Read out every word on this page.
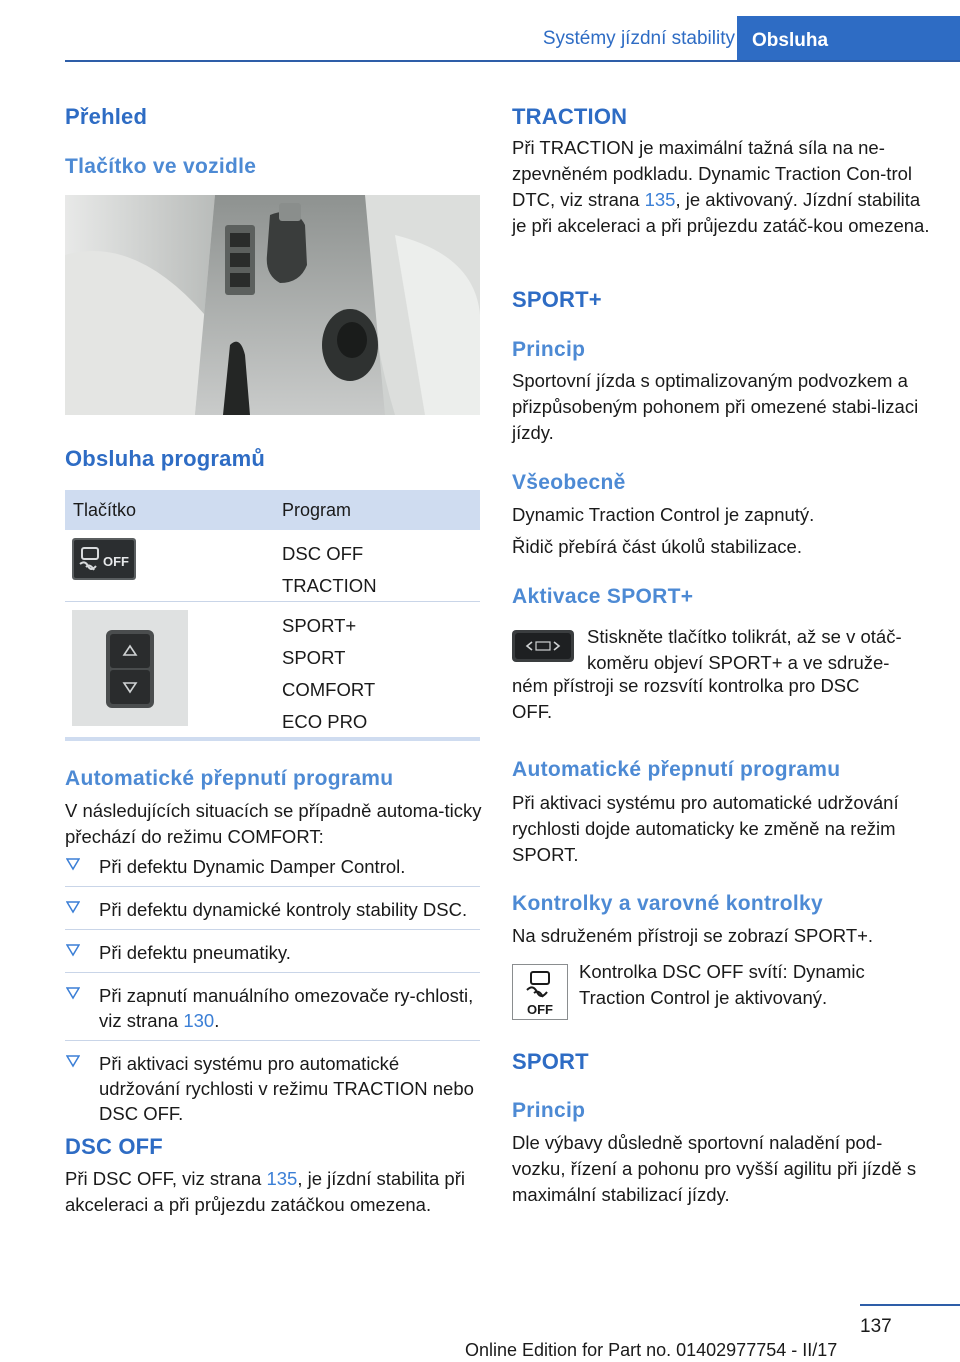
Systémy jízdní stability Obsluha
Přehled
Tlačítko ve vozidle
Obsluha programů
Tlačítko	Program
OFF	DSC OFF
TRACTION
SPORT+
SPORT
COMFORT
ECO PRO
Automatické přepnutí programu

V následujících situacích se případně automa-ticky přechází do režimu COMFORT:

Při defektu Dynamic Damper Control.
Při defektu dynamické kontroly stability DSC.
Při defektu pneumatiky.
Při zapnutí manuálního omezovače ry-chlosti, viz strana 130.
Při aktivaci systému pro automatické udržování rychlosti v režimu TRACTION nebo DSC OFF.
DSC OFF

Při DSC OFF, viz strana 135, je jízdní stabilita při akceleraci a při průjezdu zatáčkou omezena.

TRACTION

Při TRACTION je maximální tažná síla na ne-zpevněném podkladu. Dynamic Traction Con-trol DTC, viz strana 135, je aktivovaný. Jízdní stabilita je při akceleraci a při průjezdu zatáč-kou omezena.

SPORT+
Princip

Sportovní jízda s optimalizovaným podvozkem a přizpůsobeným pohonem při omezené stabi-lizaci jízdy.

Všeobecně

Dynamic Traction Control je zapnutý.

Řidič přebírá část úkolů stabilizace.

Aktivace SPORT+

Stiskněte tlačítko tolikrát, až se v otáč-

koměru objeví SPORT+ a ve sdruže-

ném přístroji se rozsvítí kontrolka pro DSC OFF.

Automatické přepnutí programu

Při aktivaci systému pro automatické udržování rychlosti dojde automaticky ke změně na režim SPORT.

Kontrolky a varovné kontrolky

Na sdruženém přístroji se zobrazí SPORT+.

OFF

Kontrolka DSC OFF svítí: Dynamic Traction Control je aktivovaný.

SPORT
Princip

Dle výbavy důsledně sportovní naladění pod-vozku, řízení a pohonu pro vyšší agilitu při jízdě s maximální stabilizací jízdy.

137
Online Edition for Part no. 01402977754 - II/17
